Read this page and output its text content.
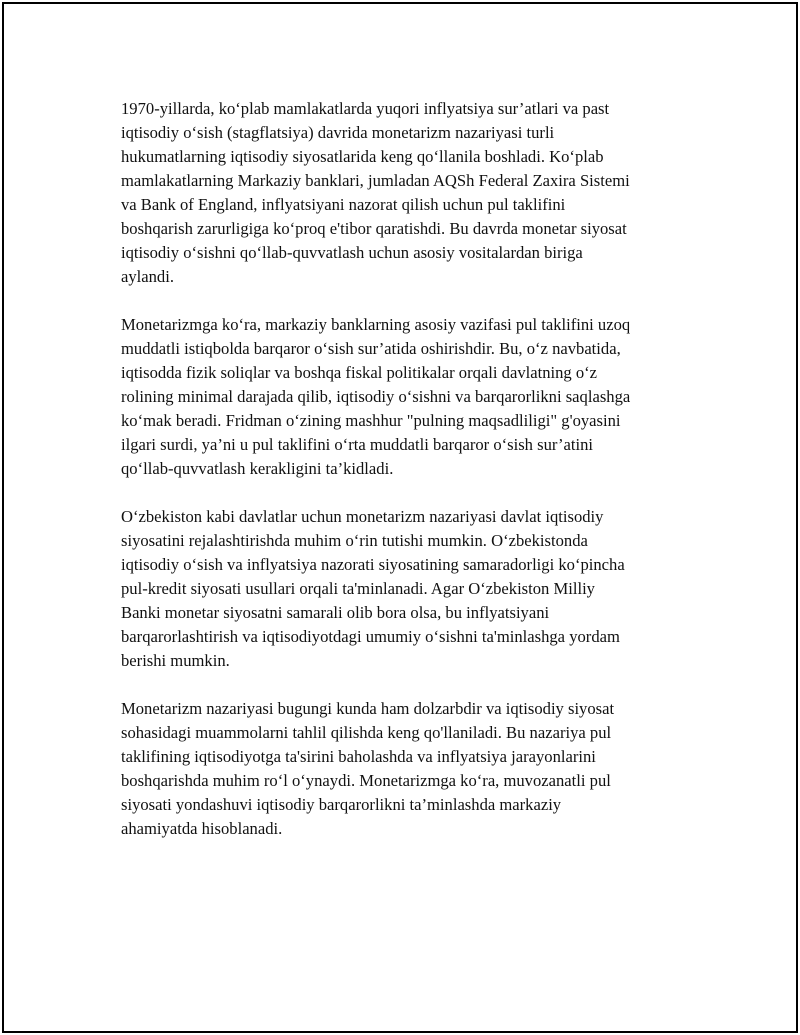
1970-yillarda, ko‘plab mamlakatlarda yuqori inflyatsiya sur’atlari va past
iqtisodiy o‘sish (stagflatsiya) davrida monetarizm nazariyasi turli
hukumatlarning iqtisodiy siyosatlarida keng qo‘llanila boshladi. Ko‘plab
mamlakatlarning Markaziy banklari, jumladan AQSh Federal Zaxira Sistemi
va Bank of England, inflyatsiyani nazorat qilish uchun pul taklifini
boshqarish zarurligiga ko‘proq e'tibor qaratishdi. Bu davrda monetar siyosat
iqtisodiy o‘sishni qo‘llab-quvvatlash uchun asosiy vositalardan biriga
aylandi.

Monetarizmga ko‘ra, markaziy banklarning asosiy vazifasi pul taklifini uzoq
muddatli istiqbolda barqaror o‘sish sur’atida oshirishdir. Bu, o‘z navbatida,
iqtisodda fizik soliqlar va boshqa fiskal politikalar orqali davlatning o‘z
rolining minimal darajada qilib, iqtisodiy o‘sishni va barqarorlikni saqlashga
ko‘mak beradi. Fridman o‘zining mashhur "pulning maqsadliligi" g'oyasini
ilgari surdi, ya’ni u pul taklifini o‘rta muddatli barqaror o‘sish sur’atini
qo‘llab-quvvatlash kerakligini ta’kidladi.

O‘zbekiston kabi davlatlar uchun monetarizm nazariyasi davlat iqtisodiy
siyosatini rejalashtirishda muhim o‘rin tutishi mumkin. O‘zbekistonda
iqtisodiy o‘sish va inflyatsiya nazorati siyosatining samaradorligi ko‘pincha
pul-kredit siyosati usullari orqali ta'minlanadi. Agar O‘zbekiston Milliy
Banki monetar siyosatni samarali olib bora olsa, bu inflyatsiyani
barqarorlashtirish va iqtisodiyotdagi umumiy o‘sishni ta'minlashga yordam
berishi mumkin.

Monetarizm nazariyasi bugungi kunda ham dolzarbdir va iqtisodiy siyosat
sohasidagi muammolarni tahlil qilishda keng qo'llaniladi. Bu nazariya pul
taklifining iqtisodiyotga ta'sirini baholashda va inflyatsiya jarayonlarini
boshqarishda muhim ro‘l o‘ynaydi. Monetarizmga ko‘ra, muvozanatli pul
siyosati yondashuvi iqtisodiy barqarorlikni ta’minlashda markaziy
ahamiyatda hisoblanadi.
